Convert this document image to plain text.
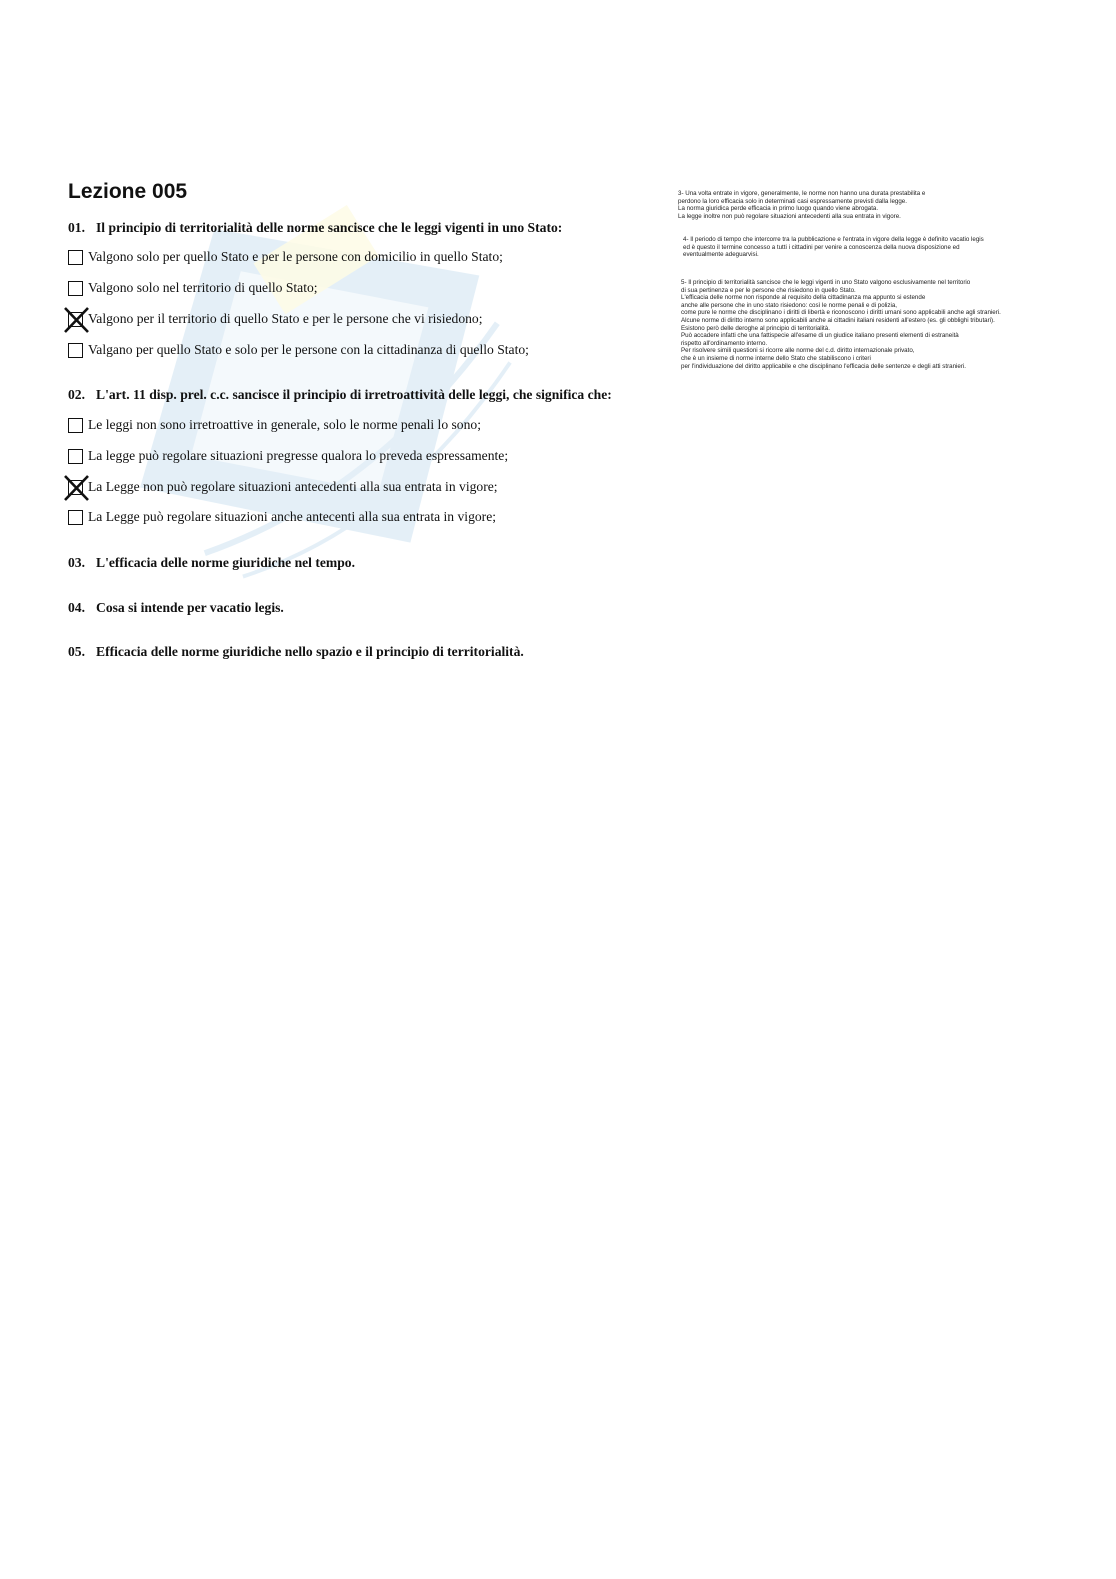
Lezione 005
01. Il principio di territorialità delle norme sancisce che le leggi vigenti in uno Stato:
Valgono solo per quello Stato e per le persone con domicilio in quello Stato;
Valgono solo nel territorio di quello Stato;
Valgono per il territorio di quello Stato e per le persone che vi risiedono;
Valgano per quello Stato e solo per le persone con la cittadinanza di quello Stato;
02. L'art. 11 disp. prel. c.c. sancisce il principio di irretroattività delle leggi, che significa che:
Le leggi non sono irretroattive in generale, solo le norme penali lo sono;
La legge può regolare situazioni pregresse qualora lo preveda espressamente;
La Legge non può regolare situazioni antecedenti alla sua entrata in vigore;
La Legge può regolare situazioni anche antecenti alla sua entrata in vigore;
03. L'efficacia delle norme giuridiche nel tempo.
04. Cosa si intende per vacatio legis.
05. Efficacia delle norme giuridiche nello spazio e il principio di territorialità.
3- Una volta entrate in vigore, generalmente, le norme non hanno una durata prestabilita e
perdono la loro efficacia solo in determinati casi espressamente previsti dalla legge.
La norma giuridica perde efficacia in primo luogo quando viene abrogata.
La legge inoltre non può regolare situazioni antecedenti alla sua entrata in vigore.
4- Il periodo di tempo che intercorre tra la pubblicazione e l'entrata in vigore della legge è definito vacatio legis
ed è questo il termine concesso a tutti i cittadini per venire a conoscenza della nuova disposizione ed
eventualmente adeguarvisi.
5- Il principio di territorialità sancisce che le leggi vigenti in uno Stato valgono esclusivamente nel territorio
di sua pertinenza e per le persone che risiedono in quello Stato.
L'efficacia delle norme non risponde al requisito della cittadinanza ma appunto si estende
anche alle persone che in uno stato risiedono: così le norme penali e di polizia,
come pure le norme che disciplinano i diritti di libertà e riconoscono i diritti umani sono applicabili anche agli stranieri.
Alcune norme di diritto interno sono applicabili anche ai cittadini italiani residenti all'estero (es. gli obblighi tributari).
Esistono però delle deroghe al principio di territorialità.
Può accadere infatti che una fattispecie all'esame di un giudice italiano presenti elementi di estraneità
rispetto all'ordinamento interno.
Per risolvere simili questioni si ricorre alle norme del c.d. diritto internazionale privato,
che è un insieme di norme interne dello Stato che stabiliscono i criteri
per l'individuazione del diritto applicabile e che disciplinano l'efficacia delle sentenze e degli atti stranieri.
